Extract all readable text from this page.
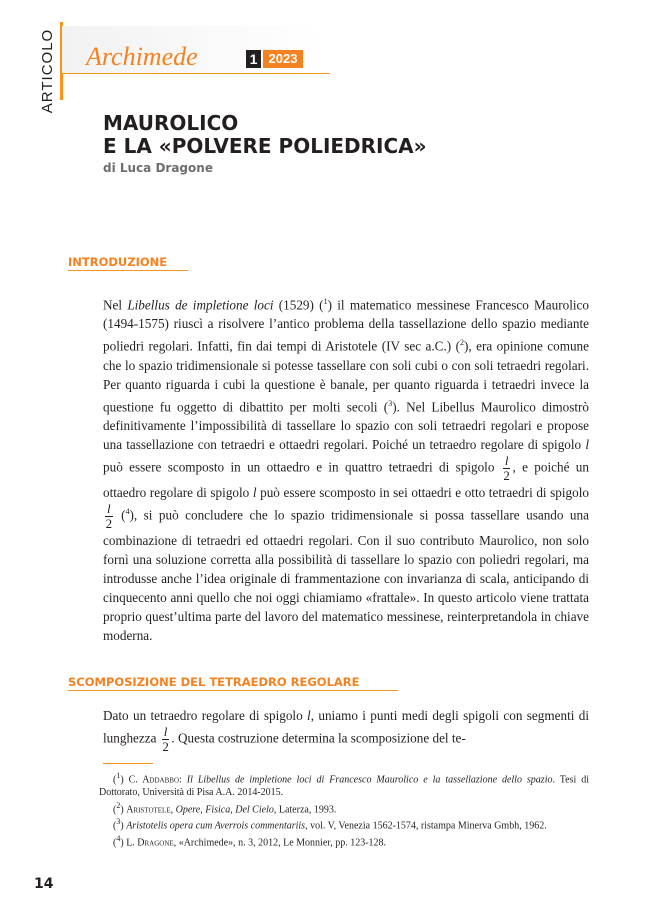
ARTICOLO Archimede	1 2023
MAUROLICO
E LA «POLVERE POLIEDRICA»
di Luca Dragone
INTRODUZIONE

Nel Libellus de impletione loci (1529) ($^1$) il matematico messinese Francesco Maurolico (1494-1575) riuscì a risolvere l’antico problema della tassellazione dello spazio mediante poliedri regolari. Infatti, fin dai tempi di Aristotele (IV sec a.C.) ($^2$), era opinione comune che lo spazio tridimensionale si potesse tassellare con soli cubi o con soli tetraedri regolari. Per quanto riguarda i cubi la questione è banale, per quanto riguarda i tetraedri invece la questione fu oggetto di dibattito per molti secoli ($^3$). Nel Libellus Maurolico dimostrò definitivamente l’impossibilità di tassellare lo spazio con soli tetraedri regolari e propose una tassellazione con tetraedri e ottaedri regolari. Poiché un tetraedro regolare di spigolo l può essere scomposto in un ottaedro e in quattro tetraedri di spigolo $\frac{l}{2}$ , e poiché un ottaedro regolare di spigolo l può essere scomposto in sei ottaedri e otto tetraedri di spigolo
$\frac{l}{2} (^4)$, si può concludere che lo spazio tridimensionale si possa tassellare usando una combinazione di tetraedri ed ottaedri regolari. Con il suo contributo Maurolico, non solo fornì una soluzione corretta alla possibilità di tassellare lo spazio con poliedri regolari, ma introdusse anche l’idea originale di frammentazione con invarianza di scala, anticipando di cinquecento anni quello che noi oggi chiamiamo «frattale». In questo articolo viene trattata proprio quest’ultima parte del lavoro del matematico messinese, reinterpretandola in chiave moderna.

SCOMPOSIZIONE DEL TETRAEDRO REGOLARE
Dato un tetraedro regolare di spigolo l, uniamo i punti medi degli spigoli con segmenti di lunghezza $\frac{l}{2}$ . Questa costruzione determina la scomposizione del te-

($^1$) C. Addabbo: Il Libellus de impletione loci di Francesco Maurolico e la tassellazione dello spazio. Tesi di Dottorato, Università di Pisa A.A. 2014-2015.

($^2$) Aristotele, Opere, Fisica, Del Cielo, Laterza, 1993.

($^3$) Aristotelis opera cum Averrois commentariis, vol. V, Venezia 1562-1574, ristampa Minerva Gmbh, 1962.

($^4$) L. Dragone, «Archimede», n. 3, 2012, Le Monnier, pp. 123-128.

14
